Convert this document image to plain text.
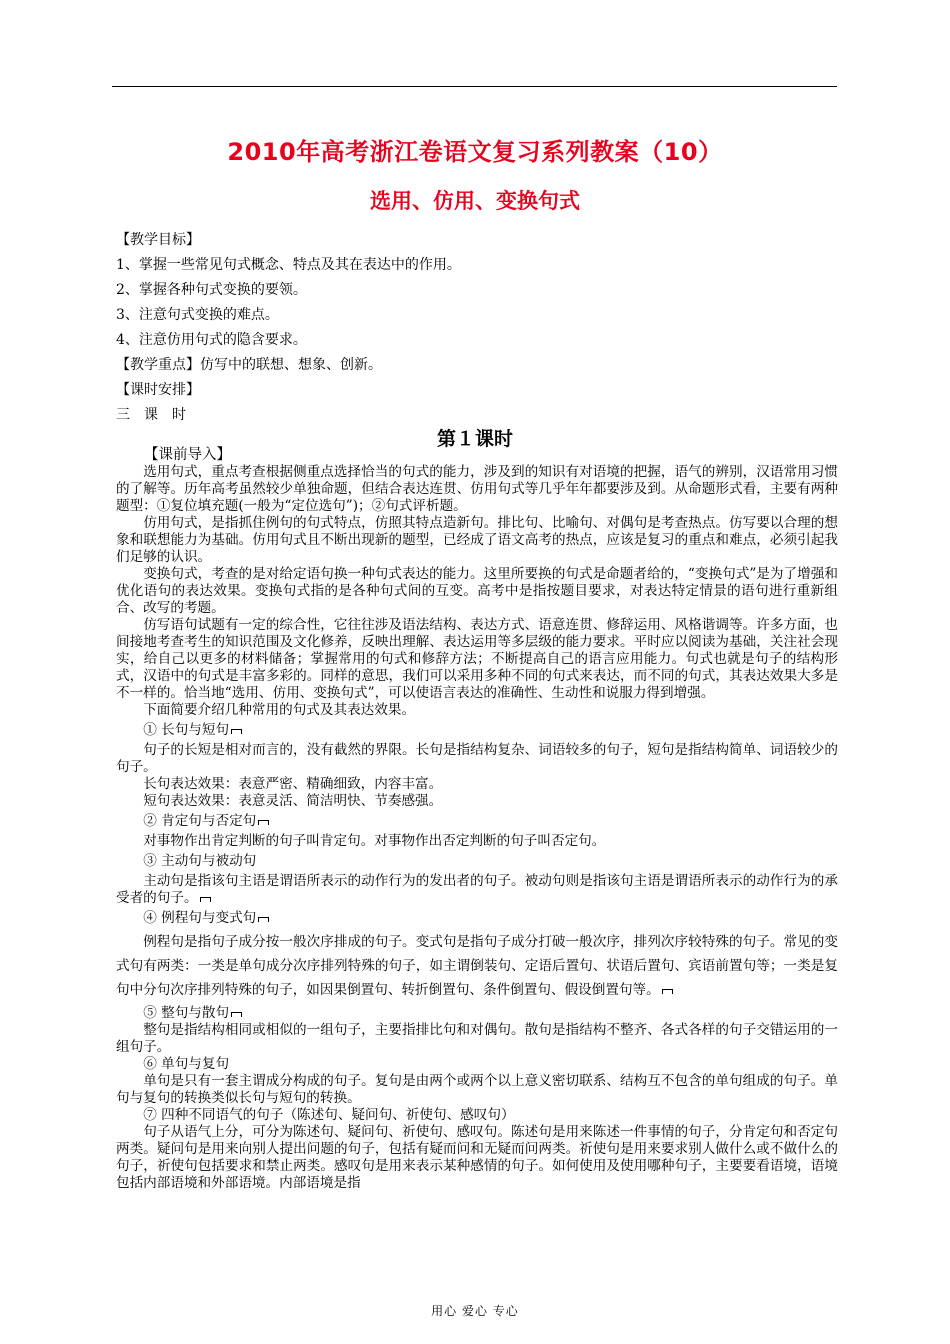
2010年高考浙江卷语文复习系列教案（10）
选用、仿用、变换句式
【教学目标】
1、掌握一些常见句式概念、特点及其在表达中的作用。
2、掌握各种句式变换的要领。
3、注意句式变换的难点。
4、注意仿用句式的隐含要求。
【教学重点】仿写中的联想、想象、创新。
【课时安排】
三　课　时
第１课时

【课前导入】

选用句式，重点考查根据侧重点选择恰当的句式的能力，涉及到的知识有对语境的把握，语气的辨别，汉语常用习惯的了解等。历年高考虽然较少单独命题，但结合表达连贯、仿用句式等几乎年年都要涉及到。从命题形式看，主要有两种题型：①复位填充题(一般为“定位选句”)；②句式评析题。

仿用句式，是指抓住例句的句式特点，仿照其特点造新句。排比句、比喻句、对偶句是考查热点。仿写要以合理的想象和联想能力为基础。仿用句式且不断出现新的题型，已经成了语文高考的热点，应该是复习的重点和难点，必须引起我们足够的认识。

变换句式，考查的是对给定语句换一种句式表达的能力。这里所要换的句式是命题者给的，“变换句式”是为了增强和优化语句的表达效果。变换句式指的是各种句式间的互变。高考中是指按题目要求，对表达特定情景的语句进行重新组合、改写的考题。

仿写语句试题有一定的综合性，它往往涉及语法结构、表达方式、语意连贯、修辞运用、风格谐调等。许多方面，也间接地考查考生的知识范围及文化修养，反映出理解、表达运用等多层级的能力要求。平时应以阅读为基础，关注社会现实，给自己以更多的材料储备；掌握常用的句式和修辞方法；不断提高自己的语言应用能力。句式也就是句子的结构形式，汉语中的句式是丰富多彩的。同样的意思，我们可以采用多种不同的句式来表达，而不同的句式，其表达效果大多是不一样的。恰当地“选用、仿用、变换句式”，可以使语言表达的准确性、生动性和说服力得到增强。

下面简要介绍几种常用的句式及其表达效果。

① 长句与短句

句子的长短是相对而言的，没有截然的界限。长句是指结构复杂、词语较多的句子，短句是指结构简单、词语较少的句子。

长句表达效果：表意严密、精确细致，内容丰富。

短句表达效果：表意灵活、简洁明快、节奏感强。

② 肯定句与否定句

对事物作出肯定判断的句子叫肯定句。对事物作出否定判断的句子叫否定句。

③ 主动句与被动句

主动句是指该句主语是谓语所表示的动作行为的发出者的句子。被动句则是指该句主语是谓语所表示的动作行为的承受者的句子。

④ 例程句与变式句

例程句是指句子成分按一般次序排成的句子。变式句是指句子成分打破一般次序，排列次序较特殊的句子。常见的变式句有两类：一类是单句成分次序排列特殊的句子，如主谓倒装句、定语后置句、状语后置句、宾语前置句等；一类是复句中分句次序排列特殊的句子，如因果倒置句、转折倒置句、条件倒置句、假设倒置句等。

⑤ 整句与散句

整句是指结构相同或相似的一组句子，主要指排比句和对偶句。散句是指结构不整齐、各式各样的句子交错运用的一组句子。

⑥ 单句与复句

单句是只有一套主谓成分构成的句子。复句是由两个或两个以上意义密切联系、结构互不包含的单句组成的句子。单句与复句的转换类似长句与短句的转换。

⑦ 四种不同语气的句子（陈述句、疑问句、祈使句、感叹句）

句子从语气上分，可分为陈述句、疑问句、祈使句、感叹句。陈述句是用来陈述一件事情的句子，分肯定句和否定句两类。疑问句是用来向别人提出问题的句子，包括有疑而问和无疑而问两类。祈使句是用来要求别人做什么或不做什么的句子，祈使句包括要求和禁止两类。感叹句是用来表示某种感情的句子。如何使用及使用哪种句子，主要要看语境，语境包括内部语境和外部语境。内部语境是指

用心 爱心 专心
